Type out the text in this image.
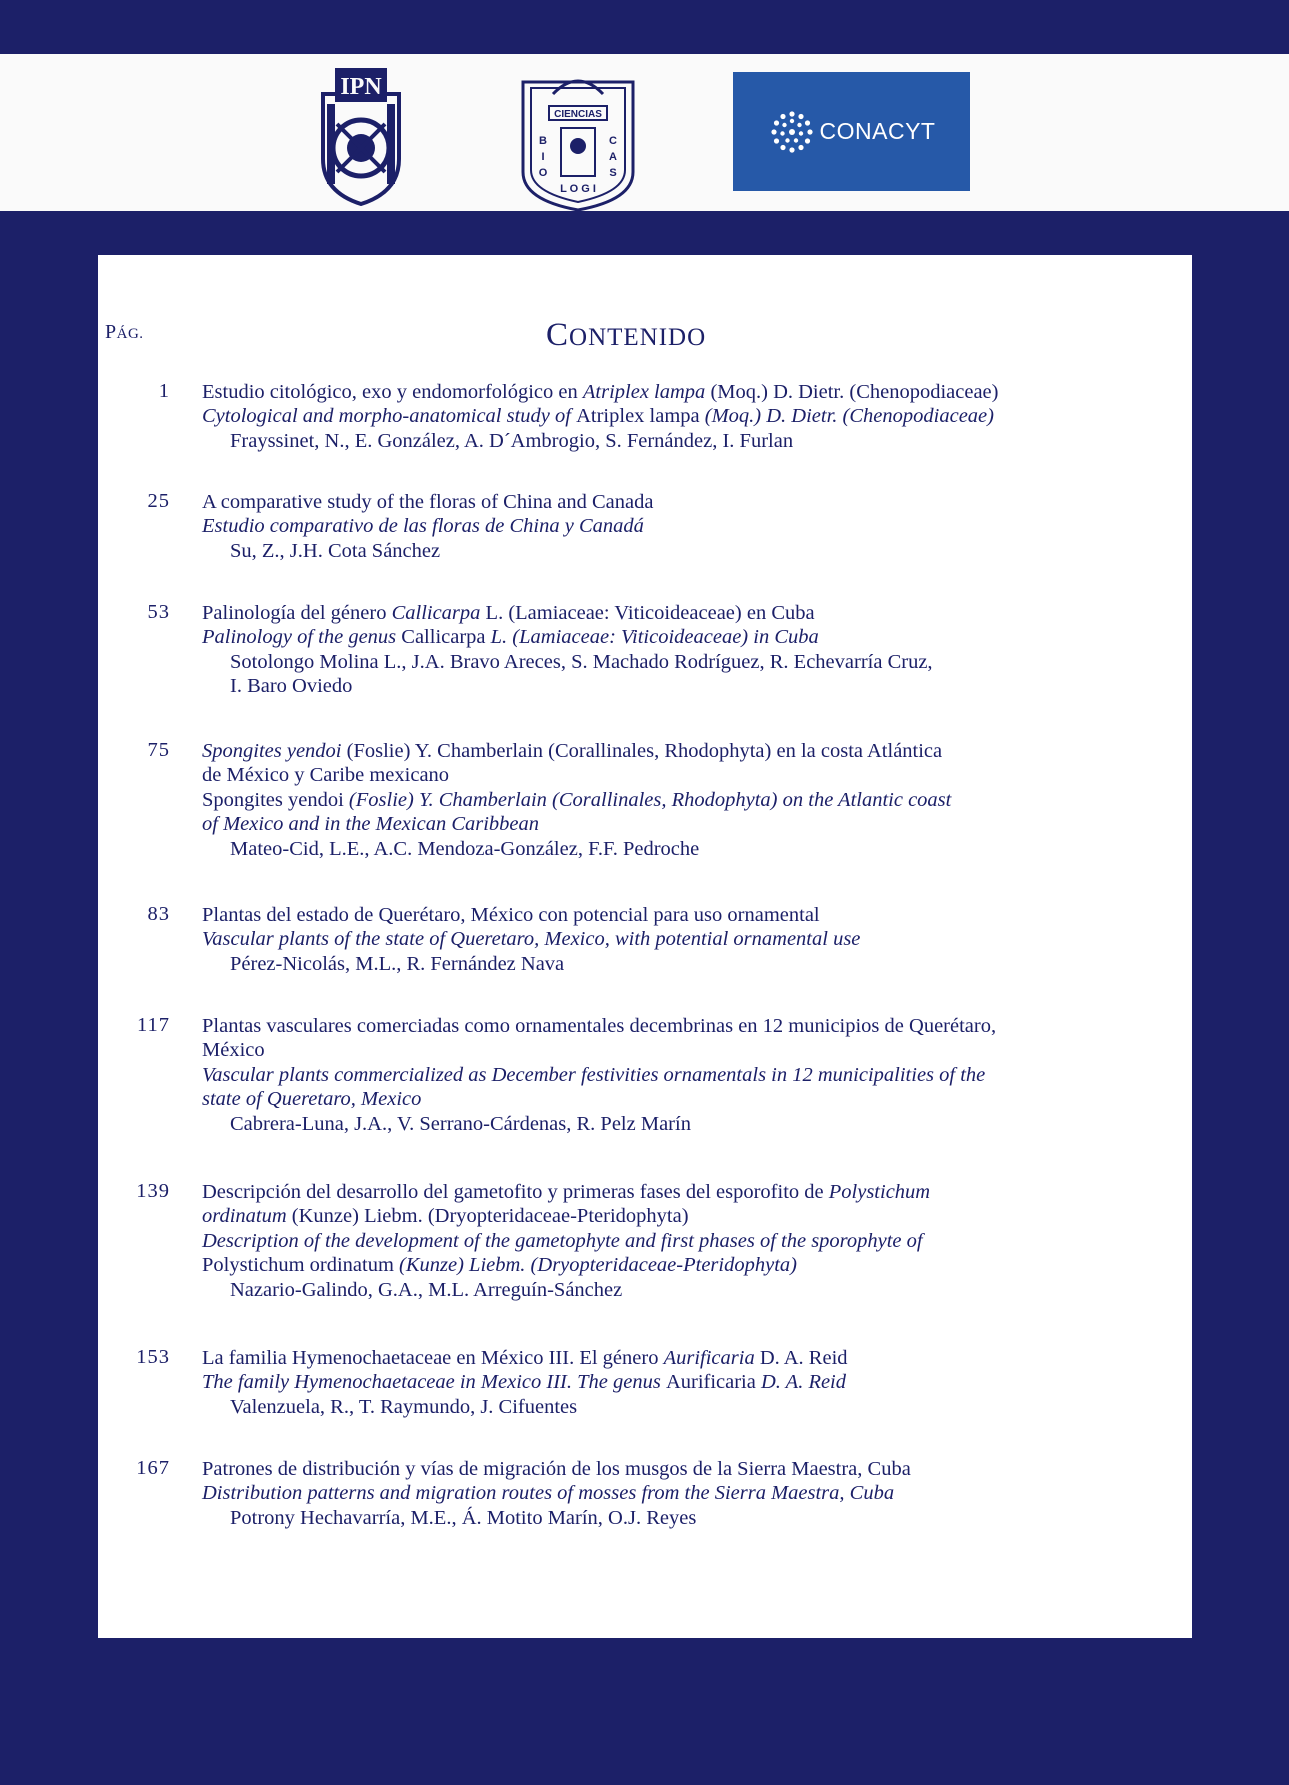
IPN
CIENCIAS
B
I
O
C
A
S
L O G I
CONACYT
PÁG.	CONTENIDO
1 Estudio citológico, exo y endomorfológico en Atriplex lampa (Moq.) D. Dietr. (Chenopodiaceae)
Cytological and morpho-anatomical study of Atriplex lampa (Moq.) D. Dietr. (Chenopodiaceae)
Frayssinet, N., E. González, A. D´Ambrogio, S. Fernández, I. Furlan
25 A comparative study of the floras of China and Canada
Estudio comparativo de las floras de China y Canadá
Su, Z., J.H. Cota Sánchez
53 Palinología del género Callicarpa L. (Lamiaceae: Viticoideaceae) en Cuba
Palinology of the genus Callicarpa L. (Lamiaceae: Viticoideaceae) in Cuba
Sotolongo Molina L., J.A. Bravo Areces, S. Machado Rodríguez, R. Echevarría Cruz,
I. Baro Oviedo
75 Spongites yendoi (Foslie) Y. Chamberlain (Corallinales, Rhodophyta) en la costa Atlántica
de México y Caribe mexicano
Spongites yendoi (Foslie) Y. Chamberlain (Corallinales, Rhodophyta) on the Atlantic coast
of Mexico and in the Mexican Caribbean
Mateo-Cid, L.E., A.C. Mendoza-González, F.F. Pedroche
83 Plantas del estado de Querétaro, México con potencial para uso ornamental
Vascular plants of the state of Queretaro, Mexico, with potential ornamental use
Pérez-Nicolás, M.L., R. Fernández Nava
117 Plantas vasculares comerciadas como ornamentales decembrinas en 12 municipios de Querétaro,
México
Vascular plants commercialized as December festivities ornamentals in 12 municipalities of the
state of Queretaro, Mexico
Cabrera-Luna, J.A., V. Serrano-Cárdenas, R. Pelz Marín
139 Descripción del desarrollo del gametofito y primeras fases del esporofito de Polystichum
ordinatum (Kunze) Liebm. (Dryopteridaceae-Pteridophyta)
Description of the development of the gametophyte and first phases of the sporophyte of
Polystichum ordinatum (Kunze) Liebm. (Dryopteridaceae-Pteridophyta)
Nazario-Galindo, G.A., M.L. Arreguín-Sánchez
153 La familia Hymenochaetaceae en México III. El género Aurificaria D. A. Reid
The family Hymenochaetaceae in Mexico III. The genus Aurificaria D. A. Reid
Valenzuela, R., T. Raymundo, J. Cifuentes
167 Patrones de distribución y vías de migración de los musgos de la Sierra Maestra, Cuba
Distribution patterns and migration routes of mosses from the Sierra Maestra, Cuba
Potrony Hechavarría, M.E., Á. Motito Marín, O.J. Reyes
